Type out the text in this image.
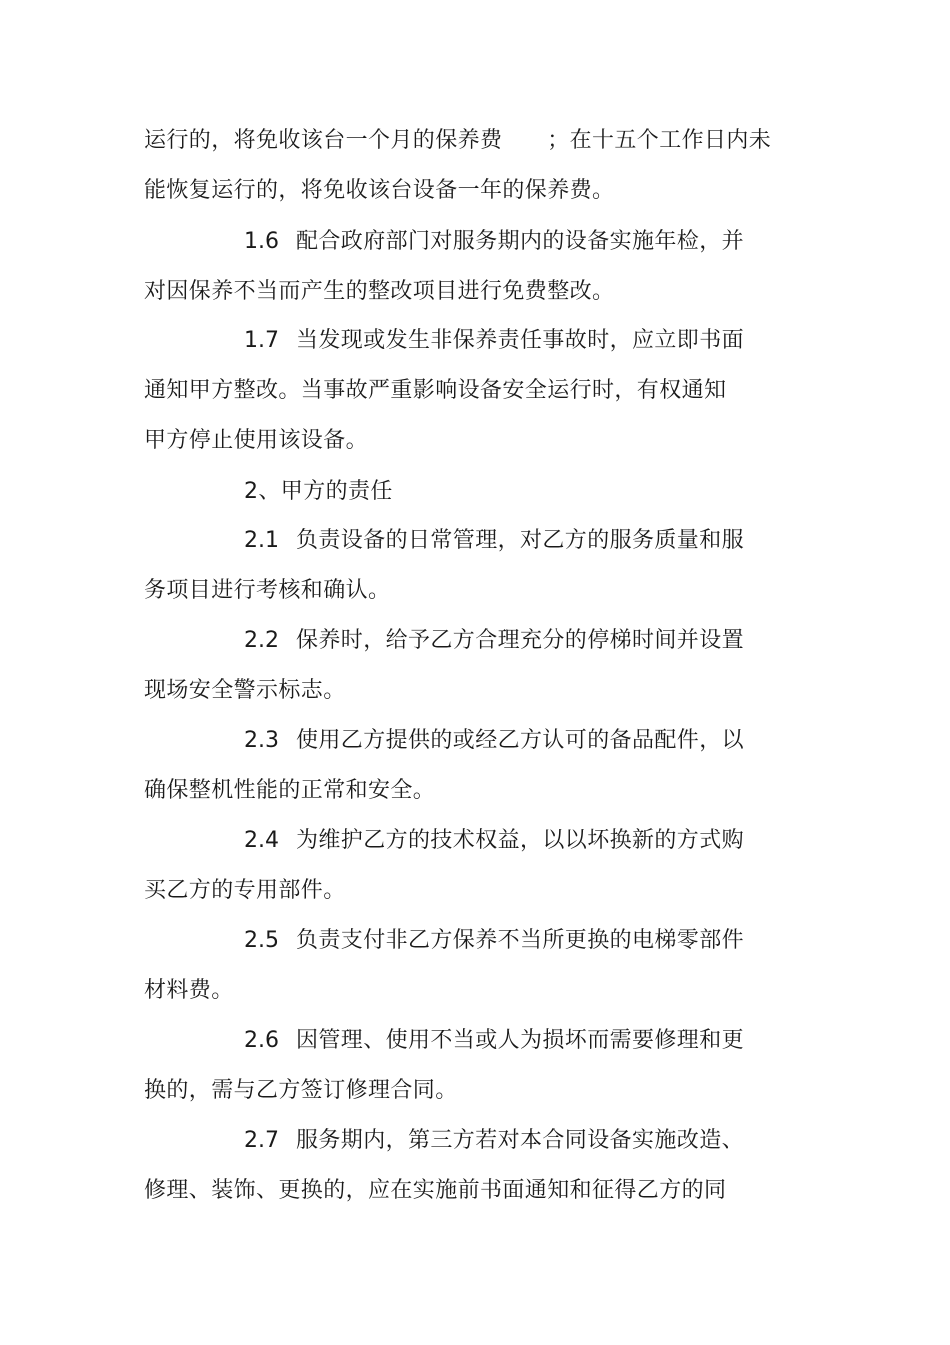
运行的，将免收该台一个月的保养费　　；在十五个工作日内未
能恢复运行的，将免收该台设备一年的保养费。
1.6 配合政府部门对服务期内的设备实施年检，并
对因保养不当而产生的整改项目进行免费整改。
1.7 当发现或发生非保养责任事故时，应立即书面
通知甲方整改。当事故严重影响设备安全运行时，有权通知
甲方停止使用该设备。
2、甲方的责任
2.1 负责设备的日常管理，对乙方的服务质量和服
务项目进行考核和确认。
2.2 保养时，给予乙方合理充分的停梯时间并设置
现场安全警示标志。
2.3 使用乙方提供的或经乙方认可的备品配件，以
确保整机性能的正常和安全。
2.4 为维护乙方的技术权益，以以坏换新的方式购
买乙方的专用部件。
2.5 负责支付非乙方保养不当所更换的电梯零部件
材料费。
2.6 因管理、使用不当或人为损坏而需要修理和更
换的，需与乙方签订修理合同。
2.7 服务期内，第三方若对本合同设备实施改造、
修理、装饰、更换的，应在实施前书面通知和征得乙方的同
